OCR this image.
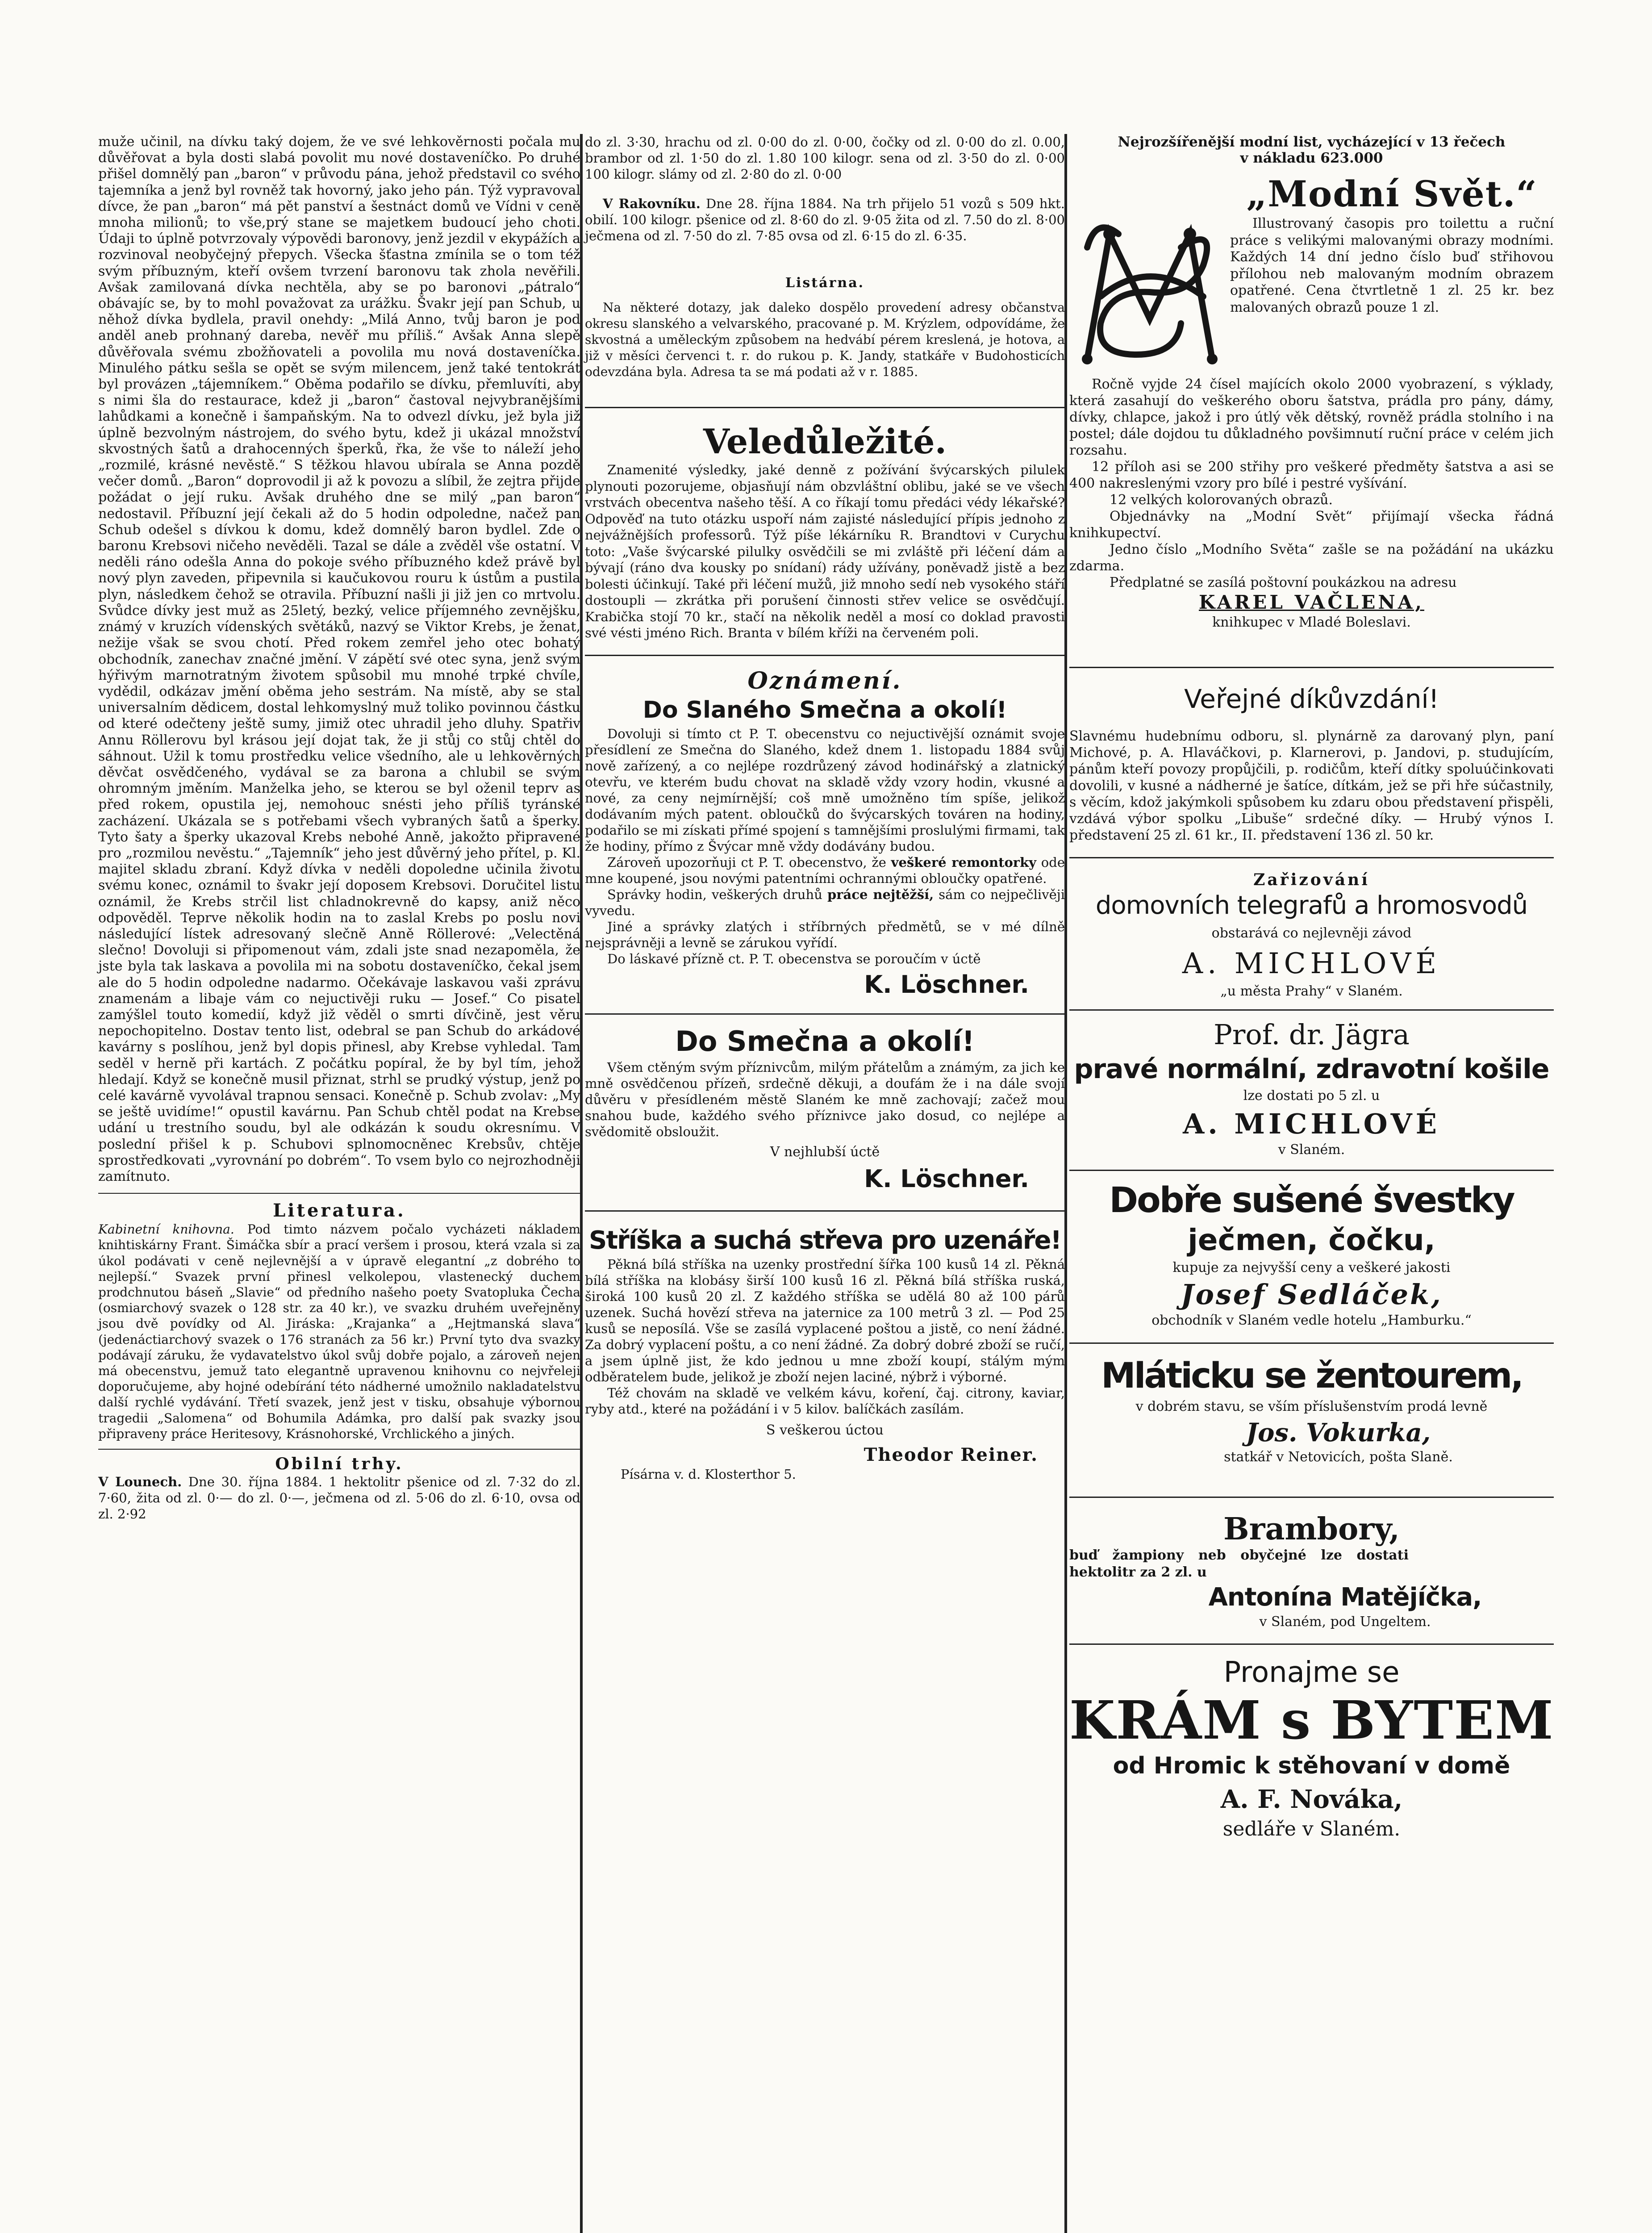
muže učinil, na dívku taký dojem, že ve své lehkověrnosti počala mu důvěřovat a byla dosti slabá povolit mu nové dostaveníčko. Po druhé přišel domnělý pan „baron“ v průvodu pána, jehož představil co svého tajemníka a jenž byl rovněž tak hovorný, jako jeho pán. Týž vypravoval dívce, že pan „baron“ má pět panství a šestnáct domů ve Vídni v ceně mnoha milionů; to vše,prý stane se majetkem budoucí jeho choti. Údaji to úplně potvrzovaly výpovědi baronovy, jenž jezdil v ekypážích a rozvinoval neobyčejný přepych. Všecka šťastna zmínila se o tom též svým příbuzným, kteří ovšem tvrzení baronovu tak zhola nevěřili. Avšak zamilovaná dívka nechtěla, aby se po baronovi „pátralo“ obávajíc se, by to mohl považovat za urážku. Švakr její pan Schub, u něhož dívka bydlela, pravil onehdy: „Milá Anno, tvůj baron je pod anděl aneb prohnaný dareba, nevěř mu příliš.“ Avšak Anna slepě důvěřovala svému zbožňovateli a povolila mu nová dostaveníčka. Minulého pátku sešla se opět se svým milencem, jenž také tentokrát byl provázen „tájemníkem.“ Oběma podařilo se dívku, přemluvíti, aby s nimi šla do restaurace, kdež ji „baron“ častoval nejvybranějšími lahůdkami a konečně i šampaňským. Na to odvezl dívku, jež byla již úplně bezvolným nástrojem, do svého bytu, kdež ji ukázal množství skvostných šatů a drahocenných šperků, řka, že vše to náleží jeho „rozmilé, krásné nevěstě.“ S těžkou hlavou ubírala se Anna pozdě večer domů. „Baron“ doprovodil ji až k povozu a slíbil, že zejtra přijde požádat o její ruku. Avšak druhého dne se milý „pan baron“ nedostavil. Příbuzní její čekali až do 5 hodin odpoledne, načež pan Schub odešel s dívkou k domu, kdež domnělý baron bydlel. Zde o baronu Krebsovi ničeho nevěděli. Tazal se dále a zvěděl vše ostatní. V neděli ráno odešla Anna do pokoje svého příbuzného kdež právě byl nový plyn zaveden, připevnila si kaučukovou rouru k ústům a pustila plyn, následkem čehož se otravila. Příbuzní našli ji již jen co mrtvolu. Svůdce dívky jest muž as 25letý, bezký, velice příjemného zevnějšku, známý v kruzích vídenských světáků, nazvý se Viktor Krebs, je ženat, nežije však se svou chotí. Před rokem zemřel jeho otec bohatý obchodník, zanechav značné jmění. V zápětí své otec syna, jenž svým hýřivým marnotratným životem spůsobil mu mnohé trpké chvíle, vydědil, odkázav jmění oběma jeho sestrám. Na místě, aby se stal universalním dědicem, dostal lehkomyslný muž toliko povinnou částku od které odečteny ještě sumy, jimiž otec uhradil jeho dluhy. Spatřiv Annu Röllerovu byl krásou její dojat tak, že ji stůj co stůj chtěl do sáhnout. Užil k tomu prostředku velice všedního, ale u lehkověrných děvčat osvědčeného, vydával se za barona a chlubil se svým ohromným jměním. Manželka jeho, se kterou se byl oženil teprv as před rokem, opustila jej, nemohouc snésti jeho příliš tyránské zacházení. Ukázala se s potřebami všech vybraných šatů a šperky. Tyto šaty a šperky ukazoval Krebs nebohé Anně, jakožto připravené pro „rozmilou nevěstu.“ „Tajemník“ jeho jest důvěrný jeho přítel, p. Kl. majitel skladu zbraní. Když dívka v neděli dopoledne učinila životu svému konec, oznámil to švakr její doposem Krebsovi. Doručitel listu oznámil, že Krebs strčil list chladnokrevně do kapsy, aniž něco odpověděl. Teprve několik hodin na to zaslal Krebs po poslu novi následující lístek adresovaný slečně Anně Röllerové: „Velectěná slečno! Dovoluji si připomenout vám, zdali jste snad nezapoměla, že jste byla tak laskava a povolila mi na sobotu dostaveníčko, čekal jsem ale do 5 hodin odpoledne nadarmo. Očekávaje laskavou vaši zprávu znamenám a libaje vám co nejuctivěji ruku — Josef.“ Co pisatel zamýšlel touto komedií, když již věděl o smrti dívčině, jest věru nepochopitelno. Dostav tento list, odebral se pan Schub do arkádové kavárny s poslíhou, jenž byl dopis přinesl, aby Krebse vyhledal. Tam seděl v herně při kartách. Z počátku popíral, že by byl tím, jehož hledají. Když se konečně musil přiznat, strhl se prudký výstup, jenž po celé kavárně vyvolával trapnou sensaci. Konečně p. Schub zvolav: „My se ještě uvidíme!“ opustil kavárnu. Pan Schub chtěl podat na Krebse udání u trestního soudu, byl ale odkázán k soudu okresnímu. V poslední přišel k p. Schubovi splnomocněnec Krebsův, chtěje sprostředkovati „vyrovnání po dobrém“. To vsem bylo co nejrozhodněji zamítnuto.

Literatura.

Kabinetní knihovna. Pod timto názvem počalo vycházeti nákladem knihtiskárny Frant. Šimáčka sbír a prací veršem i prosou, která vzala si za úkol podávati v ceně nejlevnější a v úpravě elegantní „z dobrého to nejlepší.“ Svazek první přinesl velkolepou, vlastenecký duchem prodchnutou báseň „Slavie“ od předního našeho poety Svatopluka Čecha (osmiarchový svazek o 128 str. za 40 kr.), ve svazku druhém uveřejněny jsou dvě povídky od Al. Jiráska: „Krajanka“ a „Hejtmanská slava“ (jedenáctiarchový svazek o 176 stranách za 56 kr.) První tyto dva svazky podávají záruku, že vydavatelstvo úkol svůj dobře pojalo, a zároveň nejen má obecenstvu, jemuž tato elegantně upravenou knihovnu co nejvřeleji doporučujeme, aby hojné odebírání této nádherné umožnilo nakladatelstvu další rychlé vydávání. Třetí svazek, jenž jest v tisku, obsahuje výbornou tragedii „Salomena“ od Bohumila Adámka, pro další pak svazky jsou připraveny práce Heritesovy, Krásnohorské, Vrchlického a jiných.

Obilní trhy.

V Lounech. Dne 30. října 1884. 1 hektolitr pšenice od zl. 7·32 do zl. 7·60, žita od zl. 0·— do zl. 0·—, ječmena od zl. 5·06 do zl. 6·10, ovsa od zl. 2·92

do zl. 3·30, hrachu od zl. 0·00 do zl. 0·00, čočky od zl. 0·00 do zl. 0.00, brambor od zl. 1·50 do zl. 1.80 100 kilogr. sena od zl. 3·50 do zl. 0·00 100 kilogr. slámy od zl. 2·80 do zl. 0·00

V Rakovníku. Dne 28. října 1884. Na trh přijelo 51 vozů s 509 hkt. obilí. 100 kilogr. pšenice od zl. 8·60 do zl. 9·05 žita od zl. 7.50 do zl. 8·00 ječmena od zl. 7·50 do zl. 7·85 ovsa od zl. 6·15 do zl. 6·35.

Listárna.

Na některé dotazy, jak daleko dospělo provedení adresy občanstva okresu slanského a velvarského, pracované p. M. Krýzlem, odpovídáme, že skvostná a uměleckým způsobem na hedvábí pérem kreslená, je hotova, a již v měsíci červenci t. r. do rukou p. K. Jandy, statkáře v Budohosticích odevzdána byla. Adresa ta se má podati až v r. 1885.

Veledůležité.

Znamenité výsledky, jaké denně z požívání švýcarských pilulek plynouti pozorujeme, objasňují nám obzvláštní oblibu, jaké se ve všech vrstvách obecentva našeho těší. A co říkají tomu předáci védy lékařské? Odpověď na tuto otázku uspoří nám zajisté následující přípis jednoho z nejvážnějších professorů. Týž píše lékárníku R. Brandtovi v Curychu toto: „Vaše švýcarské pilulky osvědčili se mi zvláště při léčení dám a bývají (ráno dva kousky po snídaní) rády užívány, poněvadž jistě a bez bolesti účinkují. Také při léčení mužů, již mnoho sedí neb vysokého stáří dostoupli — zkrátka při porušení činnosti střev velice se osvědčují. Krabička stojí 70 kr., stačí na několik neděl a mosí co doklad pravosti své vésti jméno Rich. Branta v bílém kříži na červeném poli.

Oznámení.
Do Slaného Smečna a okolí!

Dovoluji si tímto ct P. T. obecenstvu co nejuctivější oznámit svoje přesídlení ze Smečna do Slaného, kdež dnem 1. listopadu 1884 svůj nově zařízený, a co nejlépe rozdrůzený závod hodinářský a zlatnický otevřu, ve kterém budu chovat na skladě vždy vzory hodin, vkusné a nové, za ceny nejmírnější; coš mně umožněno tím spíše, jelikož dodávaním mých patent. obloučků do švýcarských továren na hodiny, podařilo se mi získati přímé spojení s tamnějšími proslulými firmami, tak že hodiny, přímo z Švýcar mně vždy dodávány budou.

Zároveň upozorňuji ct P. T. obecenstvo, že veškeré remontorky ode mne koupené, jsou novými patentními ochrannými obloučky opatřené.

Správky hodin, veškerých druhů práce nejtěžší, sám co nejpečlivěji vyvedu.

Jiné a správky zlatých i stříbrných předmětů, se v mé dílně nejsprávněji a levně se zárukou vyřídí.

Do láskavé přízně ct. P. T. obecenstva se poroučím v úctě

K. Löschner.
Do Smečna a okolí!

Všem ctěným svým příznivcům, milým přátelům a známým, za jich ke mně osvědčenou přízeň, srdečně děkuji, a doufám že i na dále svojí důvěru v přesídleném městě Slaném ke mně zachovají; začež mou snahou bude, každého svého příznivce jako dosud, co nejlépe a svědomitě obsloužit.

V nejhlubší úctě
K. Löschner.
Stříška a suchá střeva pro uzenáře!

Pěkná bílá stříška na uzenky prostřední šířka 100 kusů 14 zl. Pěkná bílá stříška na klobásy širší 100 kusů 16 zl. Pěkná bílá stříška ruská, široká 100 kusů 20 zl. Z každého stříška se udělá 80 až 100 párů uzenek. Suchá hovězí střeva na jaternice za 100 metrů 3 zl. — Pod 25 kusů se neposílá. Vše se zasílá vyplacené poštou a jistě, co není žádné. Za dobrý vyplacení poštu, a co není žádné. Za dobrý dobré zboží se ručí, a jsem úplně jist, že kdo jednou u mne zboží koupí, stálým mým odběratelem bude, jelikož je zboží nejen laciné, nýbrž i výborné.

Též chovám na skladě ve velkém kávu, koření, čaj. citrony, kaviar, ryby atd., které na požádání i v 5 kilov. balíčkách zasílám.

S veškerou úctou
Theodor Reiner.
Písárna v. d. Klosterthor 5.
Nejrozšířenější modní list, vycházející v 13 řečech
v nákladu 623.000
„Modní Svět.“

Illustrovaný časopis pro toilettu a ruční práce s velikými malovanými obrazy modními. Každých 14 dní jedno číslo buď střihovou přílohou neb malovaným modním obrazem opatřené. Cena čtvrtletně 1 zl. 25 kr. bez malovaných obrazů pouze 1 zl.

Ročně vyjde 24 čísel majících okolo 2000 vyobrazení, s výklady, která zasahují do veškerého oboru šatstva, prádla pro pány, dámy, dívky, chlapce, jakož i pro útlý věk dětský, rovněž prádla stolního i na postel; dále dojdou tu důkladného povšimnutí ruční práce v celém jich rozsahu.

12 příloh asi se 200 střihy pro veškeré předměty šatstva a asi se 400 nakreslenými vzory pro bílé i pestré vyšívání.

12 velkých kolorovaných obrazů.

Objednávky na „Modní Svět“ přijímají všecka řádná knihkupectví.

Jedno číslo „Modního Světa“ zašle se na požádání na ukázku zdarma.

Předplatné se zasílá poštovní poukázkou na adresu

KAREL VAČLENA,
knihkupec v Mladé Boleslavi.
Veřejné díkůvzdání!

Slavnému hudebnímu odboru, sl. plynárně za darovaný plyn, paní Michové, p. A. Hlaváčkovi, p. Klarnerovi, p. Jandovi, p. studujícím, pánům kteří povozy propůjčili, p. rodičům, kteří dítky spoluúčinkovati dovolili, v kusné a nádherné je šatíce, dítkám, jež se při hře súčastnily, s věcím, kdož jakýmkoli spůsobem ku zdaru obou představení přispěli, vzdává výbor spolku „Libuše“ srdečné díky. — Hrubý výnos I. představení 25 zl. 61 kr., II. představení 136 zl. 50 kr.

Zařizování
domovních telegrafů a hromosvodů
obstarává co nejlevněji závod
A. MICHLOVÉ
„u města Prahy“ v Slaném.
Prof. dr. Jägra
pravé normální, zdravotní košile
lze dostati po 5 zl. u
A. MICHLOVÉ
v Slaném.
Dobře sušené švestky
ječmen, čočku,
kupuje za nejvyšší ceny a veškeré jakosti
Josef Sedláček,
obchodník v Slaném vedle hotelu „Hamburku.“
Mláticku se žentourem,
v dobrém stavu, se vším příslušenstvím prodá levně
Jos. Vokurka,
statkář v Netovicích, pošta Slaně.
Brambory,

buď žampiony neb obyčejné lze dostati hektolitr za 2 zl. u

Antonína Matějíčka,
v Slaném, pod Ungeltem.
Pronajme se
KRÁM s BYTEM
od Hromic k stěhovaní v domě
A. F. Nováka,
sedláře v Slaném.
